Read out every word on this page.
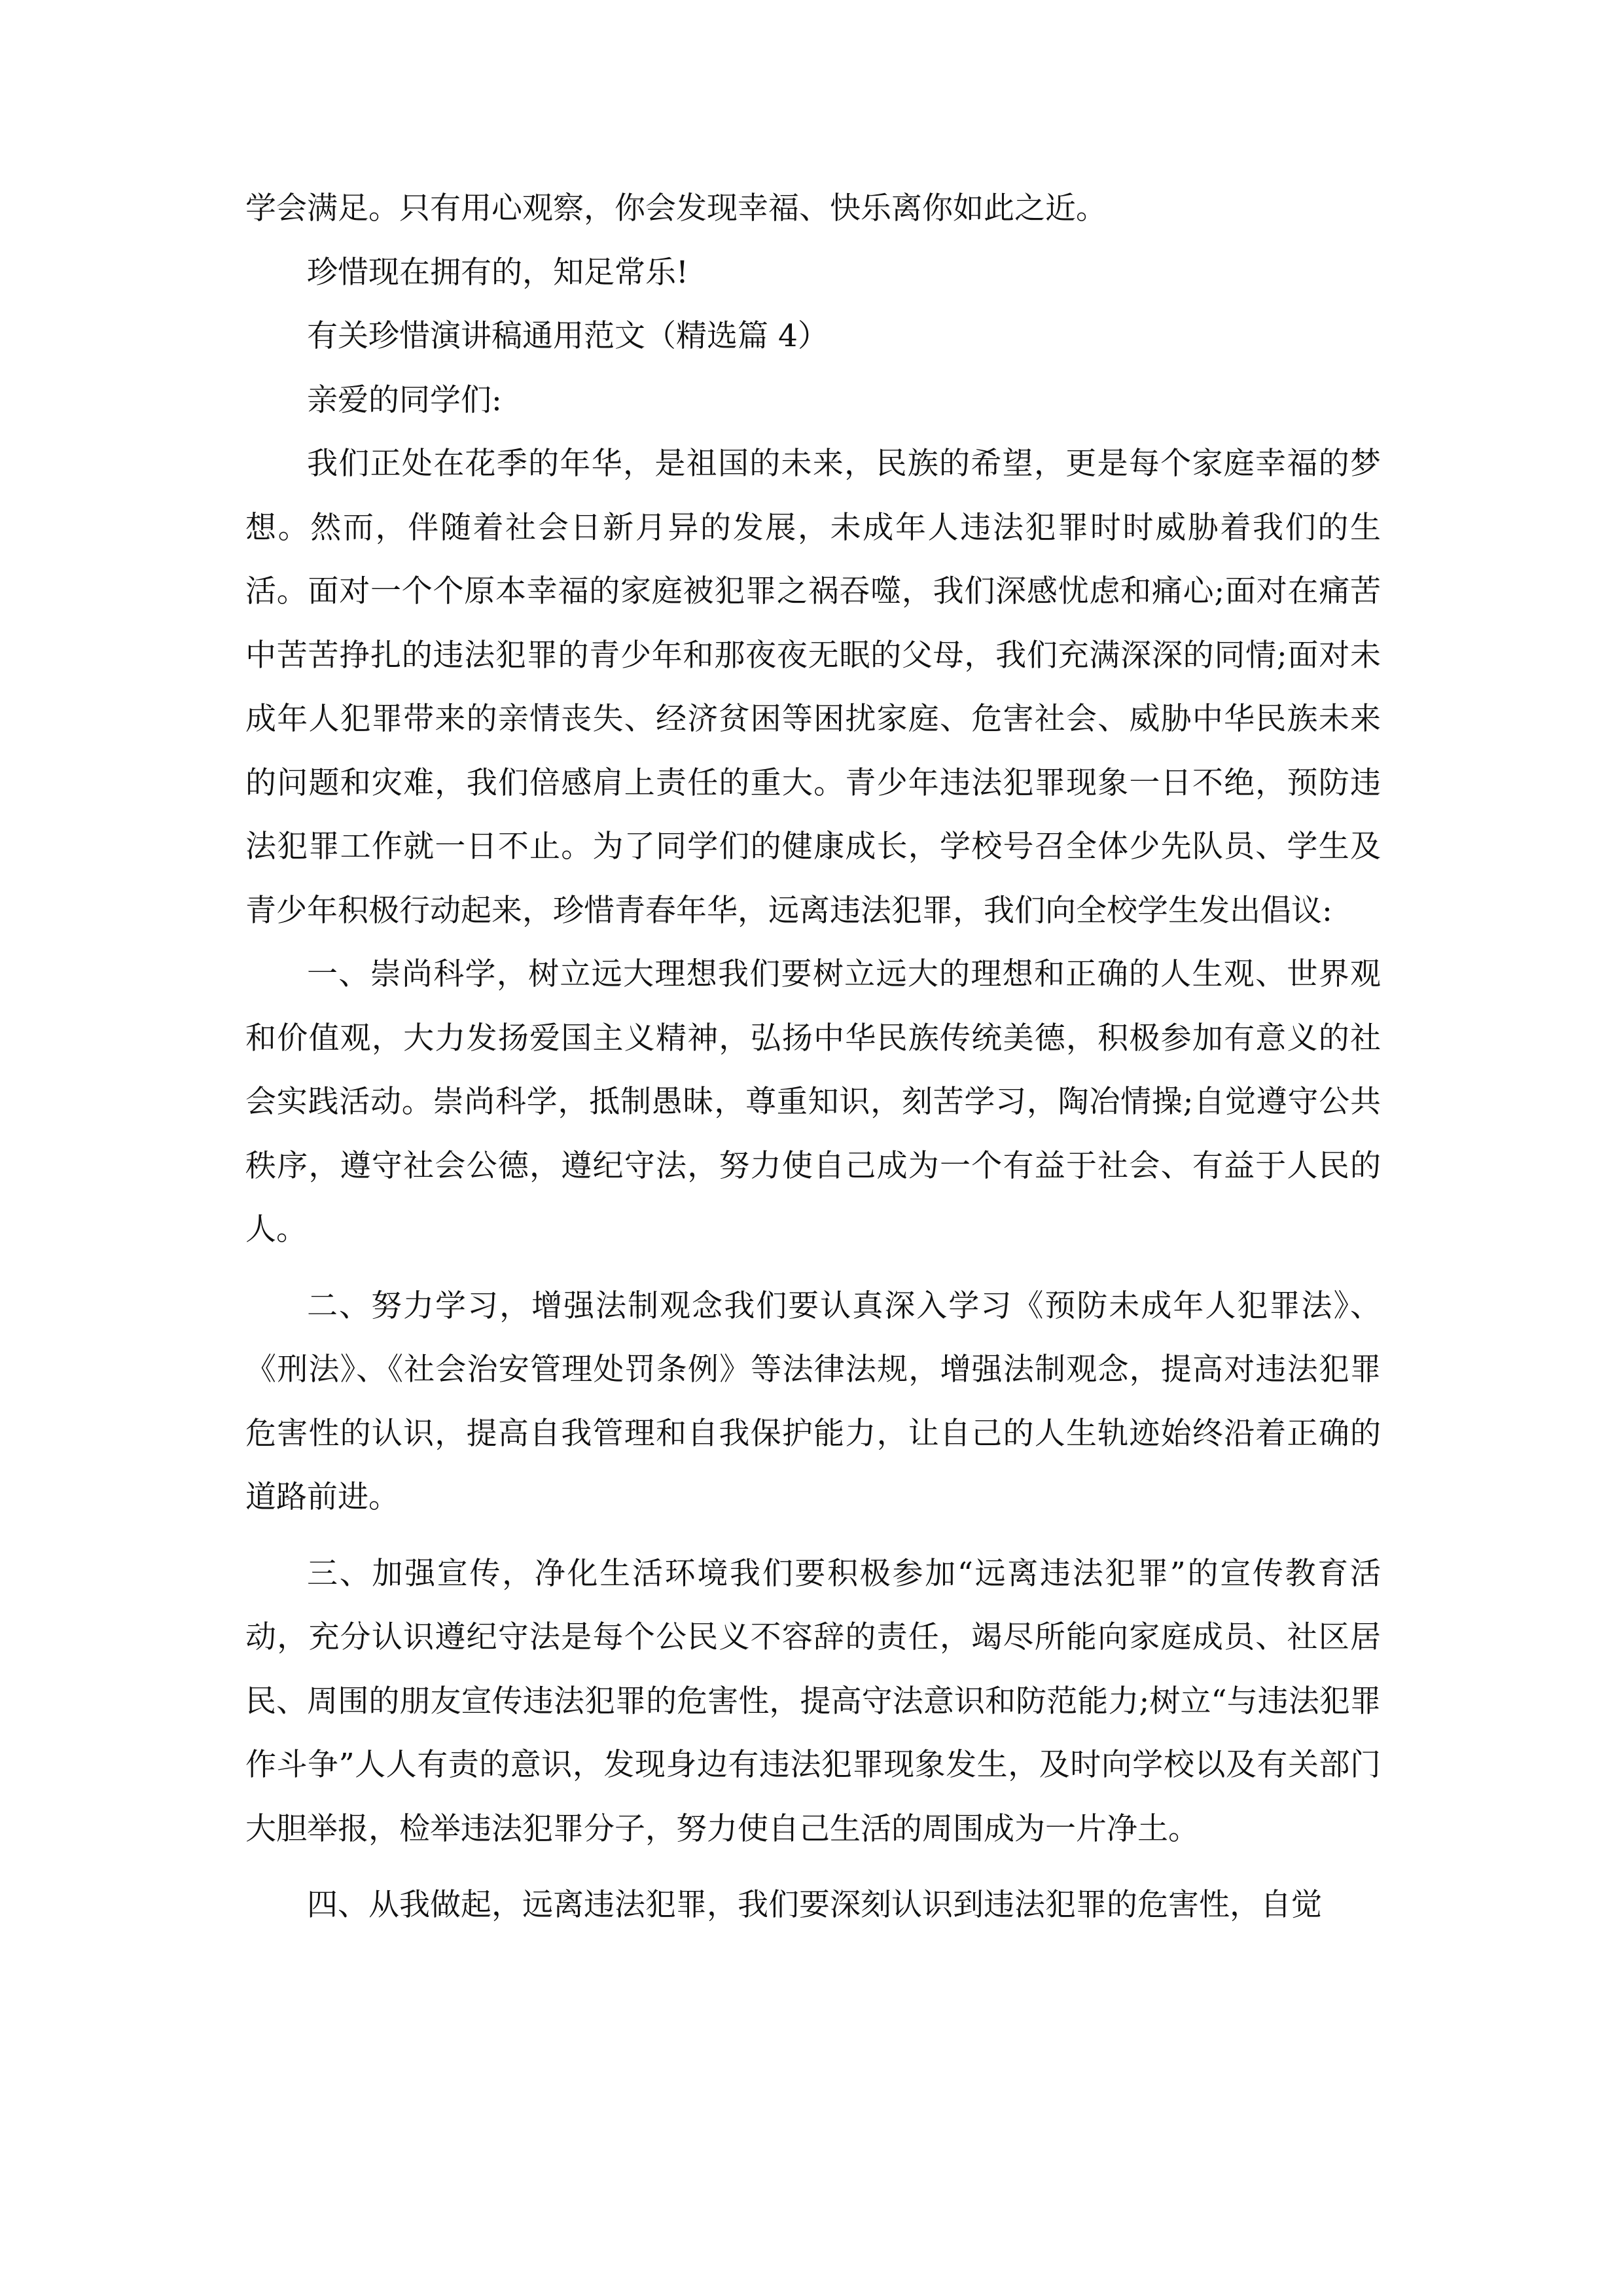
学会满足。只有用心观察，你会发现幸福、快乐离你如此之近。

珍惜现在拥有的，知足常乐!

有关珍惜演讲稿通用范文（精选篇 4）

亲爱的同学们:

我们正处在花季的年华，是祖国的未来，民族的希望，更是每个家庭幸福的梦想。然而，伴随着社会日新月异的发展，未成年人违法犯罪时时威胁着我们的生活。面对一个个原本幸福的家庭被犯罪之祸吞噬，我们深感忧虑和痛心;面对在痛苦中苦苦挣扎的违法犯罪的青少年和那夜夜无眠的父母，我们充满深深的同情;面对未成年人犯罪带来的亲情丧失、经济贫困等困扰家庭、危害社会、威胁中华民族未来的问题和灾难，我们倍感肩上责任的重大。青少年违法犯罪现象一日不绝，预防违法犯罪工作就一日不止。为了同学们的健康成长，学校号召全体少先队员、学生及青少年积极行动起来，珍惜青春年华，远离违法犯罪，我们向全校学生发出倡议:

一、崇尚科学，树立远大理想我们要树立远大的理想和正确的人生观、世界观和价值观，大力发扬爱国主义精神，弘扬中华民族传统美德，积极参加有意义的社会实践活动。崇尚科学，抵制愚昧，尊重知识，刻苦学习，陶冶情操;自觉遵守公共秩序，遵守社会公德，遵纪守法，努力使自己成为一个有益于社会、有益于人民的人。

二、努力学习，增强法制观念我们要认真深入学习《预防未成年人犯罪法》、《刑法》、《社会治安管理处罚条例》等法律法规，增强法制观念，提高对违法犯罪危害性的认识，提高自我管理和自我保护能力，让自己的人生轨迹始终沿着正确的道路前进。

三、加强宣传，净化生活环境我们要积极参加“远离违法犯罪”的宣传教育活动，充分认识遵纪守法是每个公民义不容辞的责任，竭尽所能向家庭成员、社区居民、周围的朋友宣传违法犯罪的危害性，提高守法意识和防范能力;树立“与违法犯罪作斗争”人人有责的意识，发现身边有违法犯罪现象发生，及时向学校以及有关部门大胆举报，检举违法犯罪分子，努力使自己生活的周围成为一片净土。

四、从我做起，远离违法犯罪，我们要深刻认识到违法犯罪的危害性，自觉
